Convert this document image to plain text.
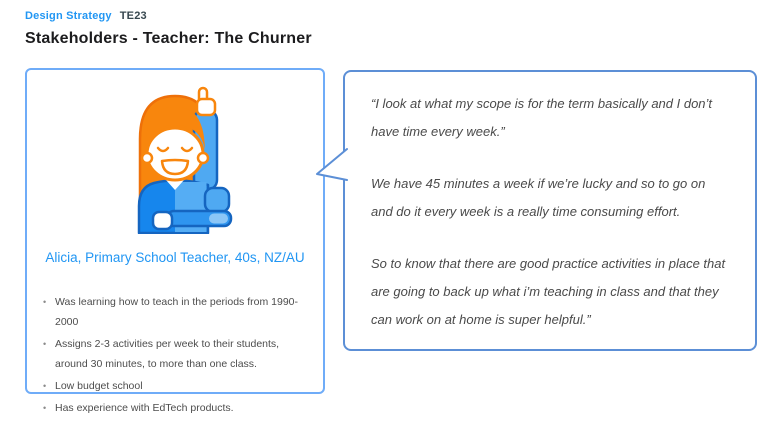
Design Strategy TE23
Stakeholders - Teacher: The Churner
Alicia, Primary School Teacher, 40s, NZ/AU
• Was learning how to teach in the periods from 1990-2000
• Assigns 2-3 activities per week to their students, around 30 minutes, to more than one class.
• Low budget school
• Has experience with EdTech products.

“I look at what my scope is for the term basically and I don’t have time every week.”

We have 45 minutes a week if we’re lucky and so to go on and do it every week is a really time consuming effort.

So to know that there are good practice activities in place that are going to back up what i’m teaching in class and that they can work on at home is super helpful.”
